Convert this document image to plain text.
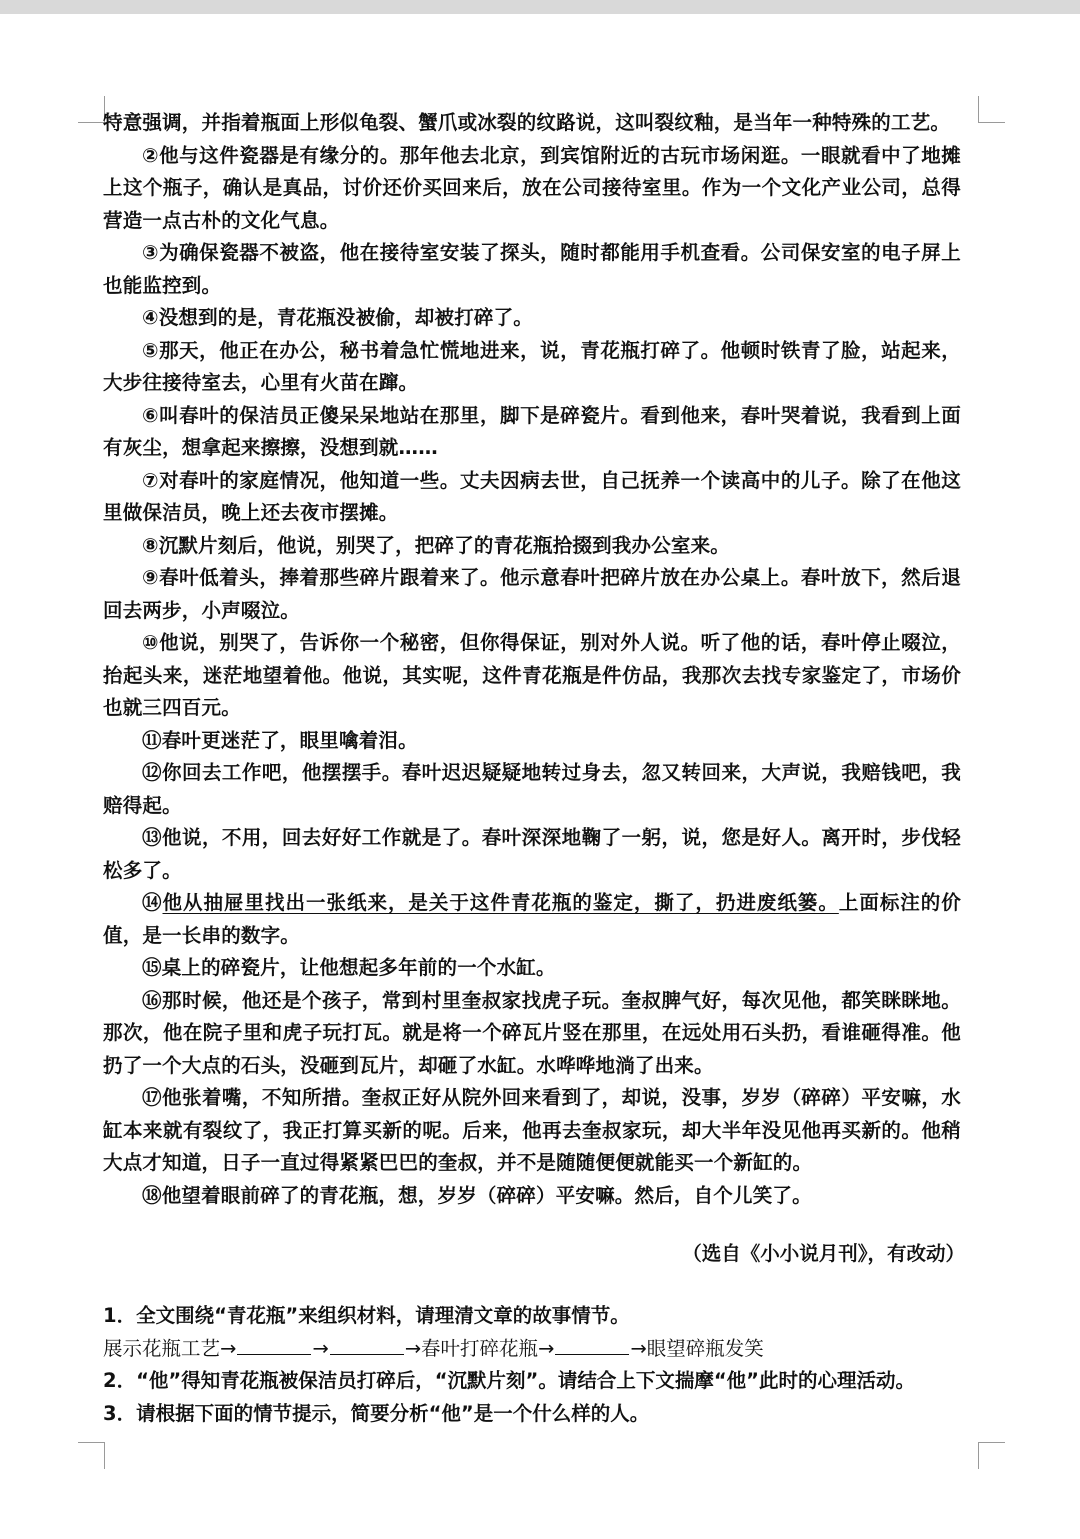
特意强调，并指着瓶面上形似龟裂、蟹爪或冰裂的纹路说，这叫裂纹釉，是当年一种特殊的工艺。

②他与这件瓷器是有缘分的。那年他去北京，到宾馆附近的古玩市场闲逛。一眼就看中了地摊上这个瓶子，确认是真品，讨价还价买回来后，放在公司接待室里。作为一个文化产业公司，总得营造一点古朴的文化气息。

③为确保瓷器不被盗，他在接待室安装了探头，随时都能用手机查看。公司保安室的电子屏上也能监控到。

④没想到的是，青花瓶没被偷，却被打碎了。

⑤那天，他正在办公，秘书着急忙慌地进来，说，青花瓶打碎了。他顿时铁青了脸，站起来，大步往接待室去，心里有火苗在蹿。

⑥叫春叶的保洁员正傻呆呆地站在那里，脚下是碎瓷片。看到他来，春叶哭着说，我看到上面有灰尘，想拿起来擦擦，没想到就……

⑦对春叶的家庭情况，他知道一些。丈夫因病去世，自己抚养一个读高中的儿子。除了在他这里做保洁员，晚上还去夜市摆摊。

⑧沉默片刻后，他说，别哭了，把碎了的青花瓶拾掇到我办公室来。

⑨春叶低着头，捧着那些碎片跟着来了。他示意春叶把碎片放在办公桌上。春叶放下，然后退回去两步，小声啜泣。

⑩他说，别哭了，告诉你一个秘密，但你得保证，别对外人说。听了他的话，春叶停止啜泣，抬起头来，迷茫地望着他。他说，其实呢，这件青花瓶是件仿品，我那次去找专家鉴定了，市场价也就三四百元。

⑪春叶更迷茫了，眼里噙着泪。

⑫你回去工作吧，他摆摆手。春叶迟迟疑疑地转过身去，忽又转回来，大声说，我赔钱吧，我赔得起。

⑬他说，不用，回去好好工作就是了。春叶深深地鞠了一躬，说，您是好人。离开时，步伐轻松多了。

⑭他从抽屉里找出一张纸来，是关于这件青花瓶的鉴定，撕了，扔进废纸篓。上面标注的价值，是一长串的数字。

⑮桌上的碎瓷片，让他想起多年前的一个水缸。

⑯那时候，他还是个孩子，常到村里奎叔家找虎子玩。奎叔脾气好，每次见他，都笑眯眯地。那次，他在院子里和虎子玩打瓦。就是将一个碎瓦片竖在那里，在远处用石头扔，看谁砸得准。他扔了一个大点的石头，没砸到瓦片，却砸了水缸。水哗哗地淌了出来。

⑰他张着嘴，不知所措。奎叔正好从院外回来看到了，却说，没事，岁岁（碎碎）平安嘛，水缸本来就有裂纹了，我正打算买新的呢。后来，他再去奎叔家玩，却大半年没见他再买新的。他稍大点才知道，日子一直过得紧紧巴巴的奎叔，并不是随随便便就能买一个新缸的。

⑱他望着眼前碎了的青花瓶，想，岁岁（碎碎）平安嘛。然后，自个儿笑了。

（选自《小小说月刊》，有改动）

1．全文围绕“青花瓶”来组织材料，请理清文章的故事情节。

展示花瓶工艺→	→	→春叶打碎花瓶→	→眼望碎瓶发笑

2．“他”得知青花瓶被保洁员打碎后，“沉默片刻”。请结合上下文揣摩“他”此时的心理活动。

3．请根据下面的情节提示，简要分析“他”是一个什么样的人。
